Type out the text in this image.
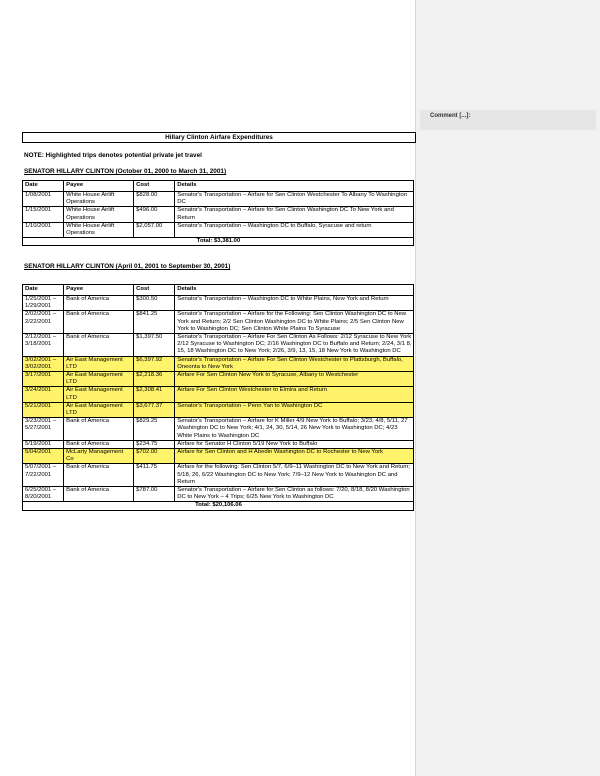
Comment [...]:
Hillary Clinton Airfare Expenditures
NOTE: Highlighted trips denotes potential private jet travel
SENATOR HILLARY CLINTON (October 01, 2000 to March 31, 2001)
Date	Payee	Cost	Details
1/08/2001	White House Airlift Operations	$828.00	Senator's Transportation – Airfare for Sen Clinton Westchester To Albany To Washington DC
1/15/2001	White House Airlift Operations	$496.00	Senator's Transportation – Airfare for Sen Clinton Washington DC To New York and Return
1/10/2001	White House Airlift Operations	$2,057.00	Senator's Transportation – Washington DC to Buffalo, Syracuse and return
Total: $3,381.00			
SENATOR HILLARY CLINTON (April 01, 2001 to September 30, 2001)
Date	Payee	Cost	Details
1/25/2001 – 1/29/2001	Bank of America	$300.50	Senator's Transportation – Washington DC to White Plains, New York and Return
2/02/2001 – 2/22/2001	Bank of America	$841.25	Senator's Transportation – Airfare for the Following: Sen Clinton Washington DC to New York and Return; 2/2 Sen Clinton Washington DC to White Plains; 2/5 Sen Clinton New York to Washington DC; Sen Clinton White Plains To Syracuse
2/12/2001 – 3/18/2001	Bank of America	$1,397.50	Senator's Transportation – Airfare For Sen Clinton As Follows: 2/12 Syracuse to New York 2/12 Syracuse to Washington DC; 2/16 Washington DC to Buffalo and Return; 2/24, 3/1 8, 15, 18 Washington DC to New York; 2/26, 3/9, 13, 15, 18 New York to Washington DC
3/02/2001 – 3/02/2001	Air East Management LTD	$6,397.92	Senator's Transportation – Airfare For Sen Clinton Westchester to Plattsburgh, Buffalo, Oneonta to New York
3/17/2001	Air East Management LTD	$2,218.36	Airfare For Sen Clinton New York to Syracuse, Albany to Westchester
3/24/2001	Air East Management LTD	$2,308.41	Airfare For Sen Clinton Westchester to Elmira and Return
5/21/2001	Air East Management LTD	$3,677.37	Senator's Transportation – Penn Yan to Washington DC
3/23/2001 – 5/27/2001	Bank of America	$829.25	Senator's Transportation – Airfare for K Miller 4/9 New York to Buffalo; 3/23, 4/8, 5/11, 27 Washington DC to New York; 4/1, 24, 30, 5/14, 26 New York to Washington DC; 4/23 White Plains to Washington DC
5/19/2001	Bank of America	$234.75	Airfare for Senator H Clinton 5/19 New York to Buffalo
5/04/2001	McLarty Management Co	$702.00	Airfare for Sen Clinton and H Abedin Washington DC to Rochester to New York
5/07/2001 – 7/22/2001	Bank of America	$411.75	Airfare for the following: Sen Clinton 5/7, 6/9–11 Washington DC to New York and Return; 5/18, 26, 6/22 Washington DC to New York; 7/9–12 New York to Washington DC and Return
6/25/2001 – 8/20/2001	Bank of America	$787.00	Senator's Transportation – Airfare for Sen Clinton as follows: 7/20, 8/18, 8/20 Washington DC to New York – 4 Trips; 6/25 New York to Washington DC
Total: $20,106.06			
